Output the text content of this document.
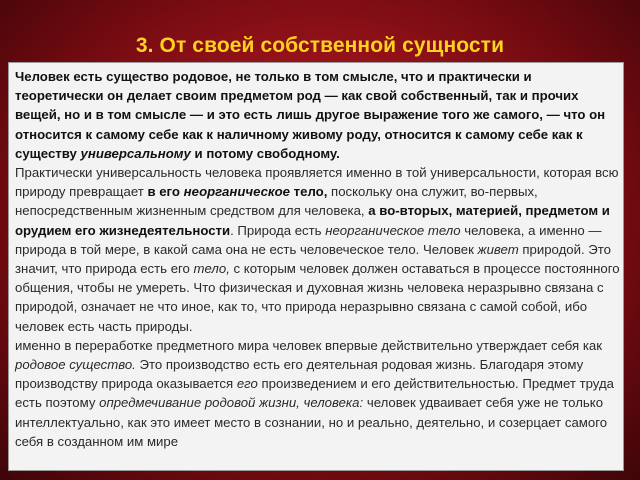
3. От своей собственной сущности

Человек есть существо родовое, не только в том смысле, что и практически и теоретически он делает своим предметом род — как свой собственный, так и прочих вещей, но и в том смысле — и это есть лишь другое выражение того же самого, — что он относится к самому себе как к наличному живому роду, относится к самому себе как к существу универсальному и потому свободному.

Практически универсальность человека проявляется именно в той универсальности, которая всю природу превращает в его неорганическое тело, поскольку она служит, во-первых, непосредственным жизненным средством для человека, а во-вторых, материей, предметом и орудием его жизнедеятельности. Природа есть неорганическое тело человека, а именно — природа в той мере, в какой сама она не есть человеческое тело. Человек живет природой. Это значит, что природа есть его тело, с которым человек должен оставаться в процессе постоянного общения, чтобы не умереть. Что физическая и духовная жизнь человека неразрывно связана с природой, означает не что иное, как то, что природа неразрывно связана с самой собой, ибо человек есть часть природы.

именно в переработке предметного мира человек впервые действительно утверждает себя как родовое существо. Это производство есть его деятельная родовая жизнь. Благодаря этому производству природа оказывается его произведением и его действительностью. Предмет труда есть поэтому опредмечивание родовой жизни, человека: человек удваивает себя уже не только интеллектуально, как это имеет место в сознании, но и реально, деятельно, и созерцает самого себя в созданном им мире
